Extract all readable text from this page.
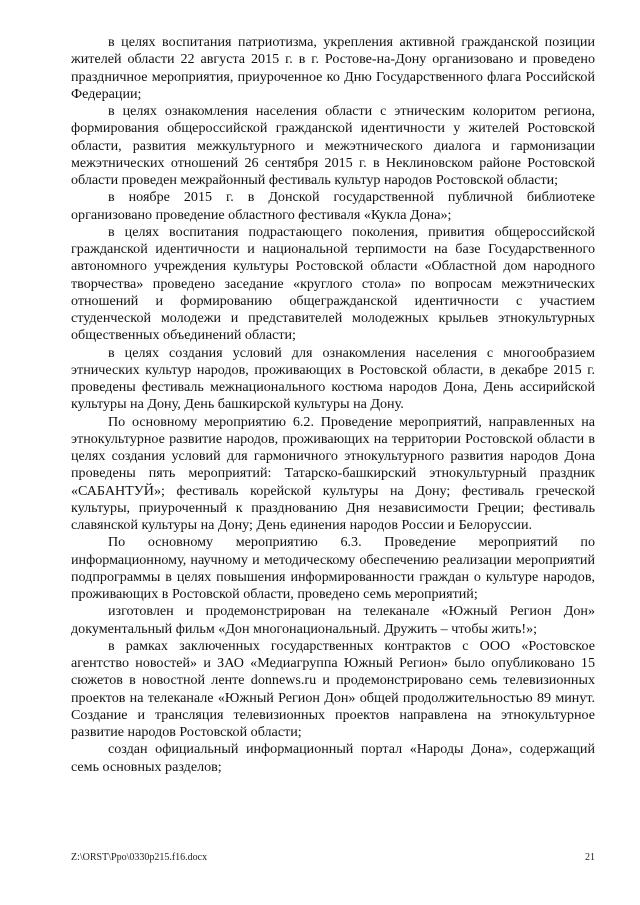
в целях воспитания патриотизма, укрепления активной гражданской позиции жителей области 22 августа 2015 г. в г. Ростове-на-Дону организовано и проведено праздничное мероприятия, приуроченное ко Дню Государственного флага Российской Федерации;

в целях ознакомления населения области с этническим колоритом региона, формирования общероссийской гражданской идентичности у жителей Ростовской области, развития межкультурного и межэтнического диалога и гармонизации межэтнических отношений 26 сентября 2015 г. в Неклиновском районе Ростовской области проведен межрайонный фестиваль культур народов Ростовской области;

в ноябре 2015 г. в Донской государственной публичной библиотеке организовано проведение областного фестиваля «Кукла Дона»;

в целях воспитания подрастающего поколения, привития общероссийской гражданской идентичности и национальной терпимости на базе Государственного автономного учреждения культуры Ростовской области «Областной дом народного творчества» проведено заседание «круглого стола» по вопросам межэтнических отношений и формированию общегражданской идентичности с участием студенческой молодежи и представителей молодежных крыльев этнокультурных общественных объединений области;

в целях создания условий для ознакомления населения с многообразием этнических культур народов, проживающих в Ростовской области, в декабре 2015 г. проведены фестиваль межнационального костюма народов Дона, День ассирийской культуры на Дону, День башкирской культуры на Дону.

По основному мероприятию 6.2. Проведение мероприятий, направленных на этнокультурное развитие народов, проживающих на территории Ростовской области в целях создания условий для гармоничного этнокультурного развития народов Дона проведены пять мероприятий: Татарско-башкирский этнокультурный праздник «САБАНТУЙ»; фестиваль корейской культуры на Дону; фестиваль греческой культуры, приуроченный к празднованию Дня независимости Греции; фестиваль славянской культуры на Дону; День единения народов России и Белоруссии.

По основному мероприятию 6.3. Проведение мероприятий по информационному, научному и методическому обеспечению реализации мероприятий подпрограммы в целях повышения информированности граждан о культуре народов, проживающих в Ростовской области, проведено семь мероприятий;

изготовлен и продемонстрирован на телеканале «Южный Регион Дон» документальный фильм «Дон многонациональный. Дружить – чтобы жить!»;

в рамках заключенных государственных контрактов с ООО «Ростовское агентство новостей» и ЗАО «Медиагруппа Южный Регион» было опубликовано 15 сюжетов в новостной ленте donnews.ru и продемонстрировано семь телевизионных проектов на телеканале «Южный Регион Дон» общей продолжительностью 89 минут. Создание и трансляция телевизионных проектов направлена на этнокультурное развитие народов Ростовской области;

создан официальный информационный портал «Народы Дона», содержащий семь основных разделов;

Z:\ORST\Ppo\0330p215.f16.docx	21
